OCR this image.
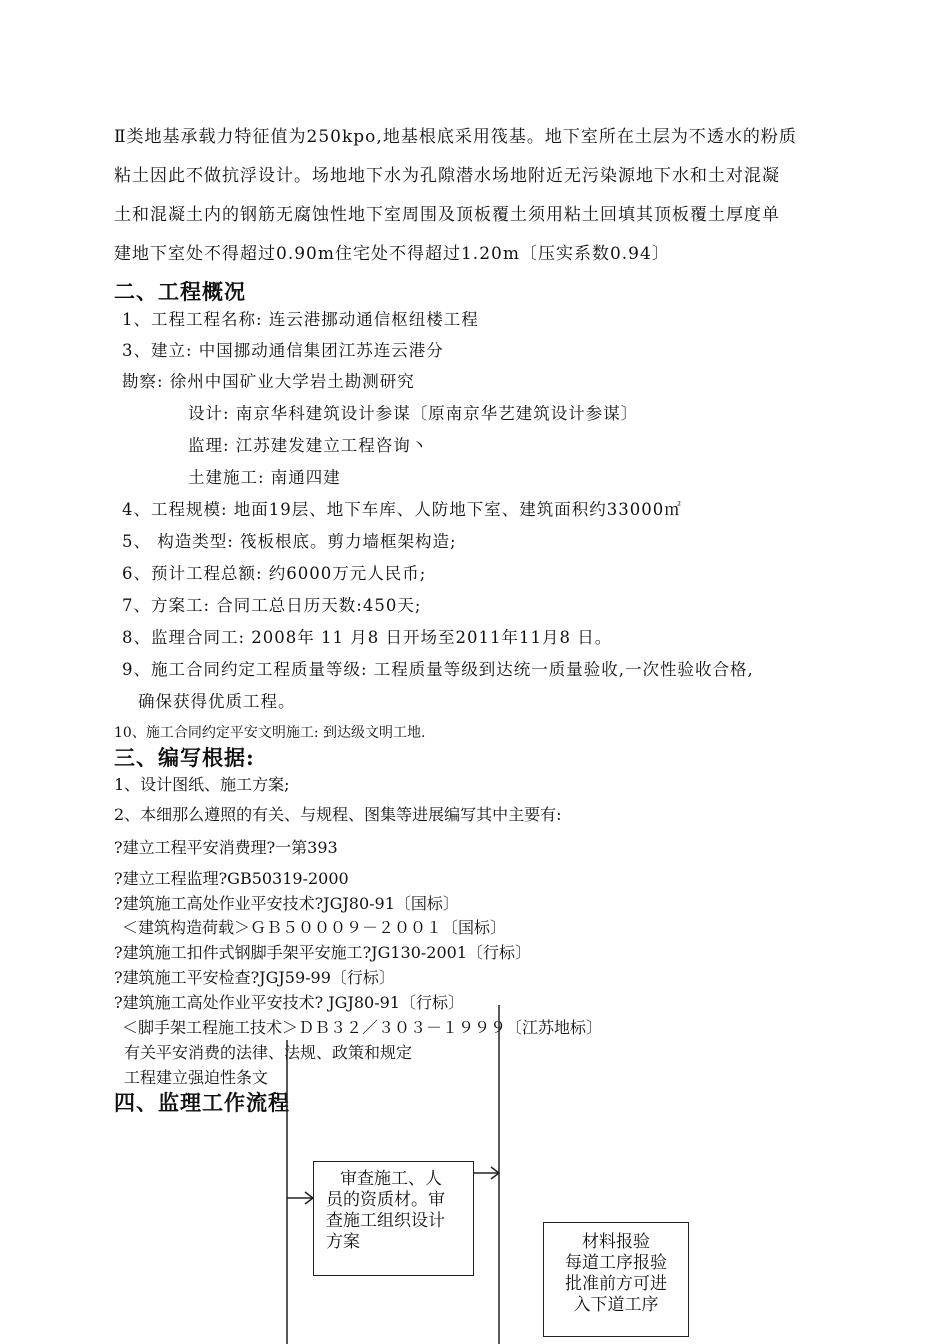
Ⅱ类地基承载力特征值为250kpo,地基根底采用筏基。地下室所在土层为不透水的粉质
粘土因此不做抗浮设计。场地地下水为孔隙潜水场地附近无污染源地下水和土对混凝
土和混凝土内的钢筋无腐蚀性地下室周围及顶板覆土须用粘土回填其顶板覆土厚度单
建地下室处不得超过0.90m住宅处不得超过1.20m〔压实系数0.94〕
二、工程概况
1、工程工程名称: 连云港挪动通信枢纽楼工程
3、建立: 中国挪动通信集团江苏连云港分
勘察: 徐州中国矿业大学岩土勘测研究
设计: 南京华科建筑设计参谋〔原南京华艺建筑设计参谋〕
监理: 江苏建发建立工程咨询丶
土建施工: 南通四建
4、工程规模: 地面19层、地下车库、人防地下室、建筑面积约33000㎡
5、 构造类型: 筏板根底。剪力墙框架构造;
6、预计工程总额: 约6000万元人民币;
7、方案工: 合同工总日历天数:450天;
8、监理合同工: 2008年 11 月8 日开场至2011年11月8 日。
9、施工合同约定工程质量等级: 工程质量等级到达统一质量验收,一次性验收合格,
确保获得优质工程。
10、施工合同约定平安文明施工: 到达级文明工地.
三、编写根据:
1、设计图纸、施工方案;
2、本细那么遵照的有关、与规程、图集等进展编写其中主要有:
?建立工程平安消费理?一第393
?建立工程监理?GB50319-2000
?建筑施工高处作业平安技术?JGJ80-91〔国标〕
＜建筑构造荷载＞ＧＢ５０００９－２００１〔国标〕
?建筑施工扣件式钢脚手架平安施工?JG130-2001〔行标〕
?建筑施工平安检查?JGJ59-99〔行标〕
?建筑施工高处作业平安技术? JGJ80-91〔行标〕
＜脚手架工程施工技术＞ＤＢ３２／３０３－１９９９〔江苏地标〕
有关平安消费的法律、法规、政策和规定
工程建立强迫性条文
四、监理工作流程
审查施工、人
员的资质材。审
查施工组织设计
方案	材料报验
每道工序报验
批准前方可进
入下道工序
